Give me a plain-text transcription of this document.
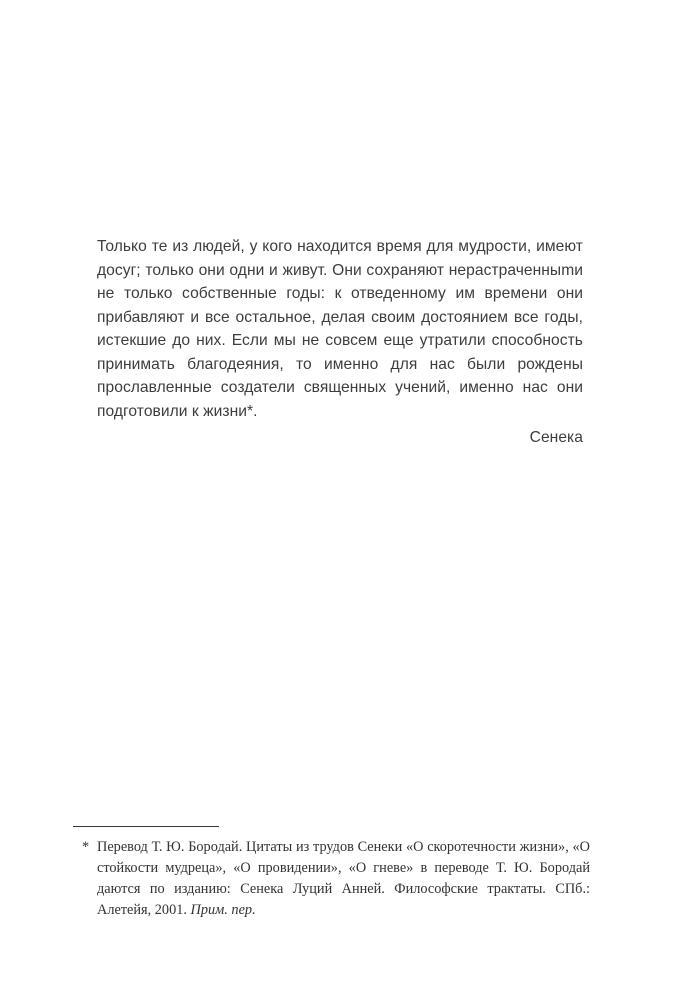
Только те из людей, у кого находится время для мудрости, имеют досуг; только они одни и живут. Они сохраняют нерастраченныmи не только собственные годы: к отведенному им времени они прибавляют и все остальное, делая своим достоянием все годы, истекшие до них. Если мы не совсем еще утратили способность принимать благодеяния, то именно для нас были рождены прославленные создатели священных учений, именно нас они подготовили к жизни*.

Сенека

* Перевод Т. Ю. Бородай. Цитаты из трудов Сенеки «О скоротечности жизни», «О стойкости мудреца», «О провидении», «О гневе» в переводе Т. Ю. Бородай даются по изданию: Сенека Луций Анней. Философские трактаты. СПб.: Алетейя, 2001. Прим. пер.
